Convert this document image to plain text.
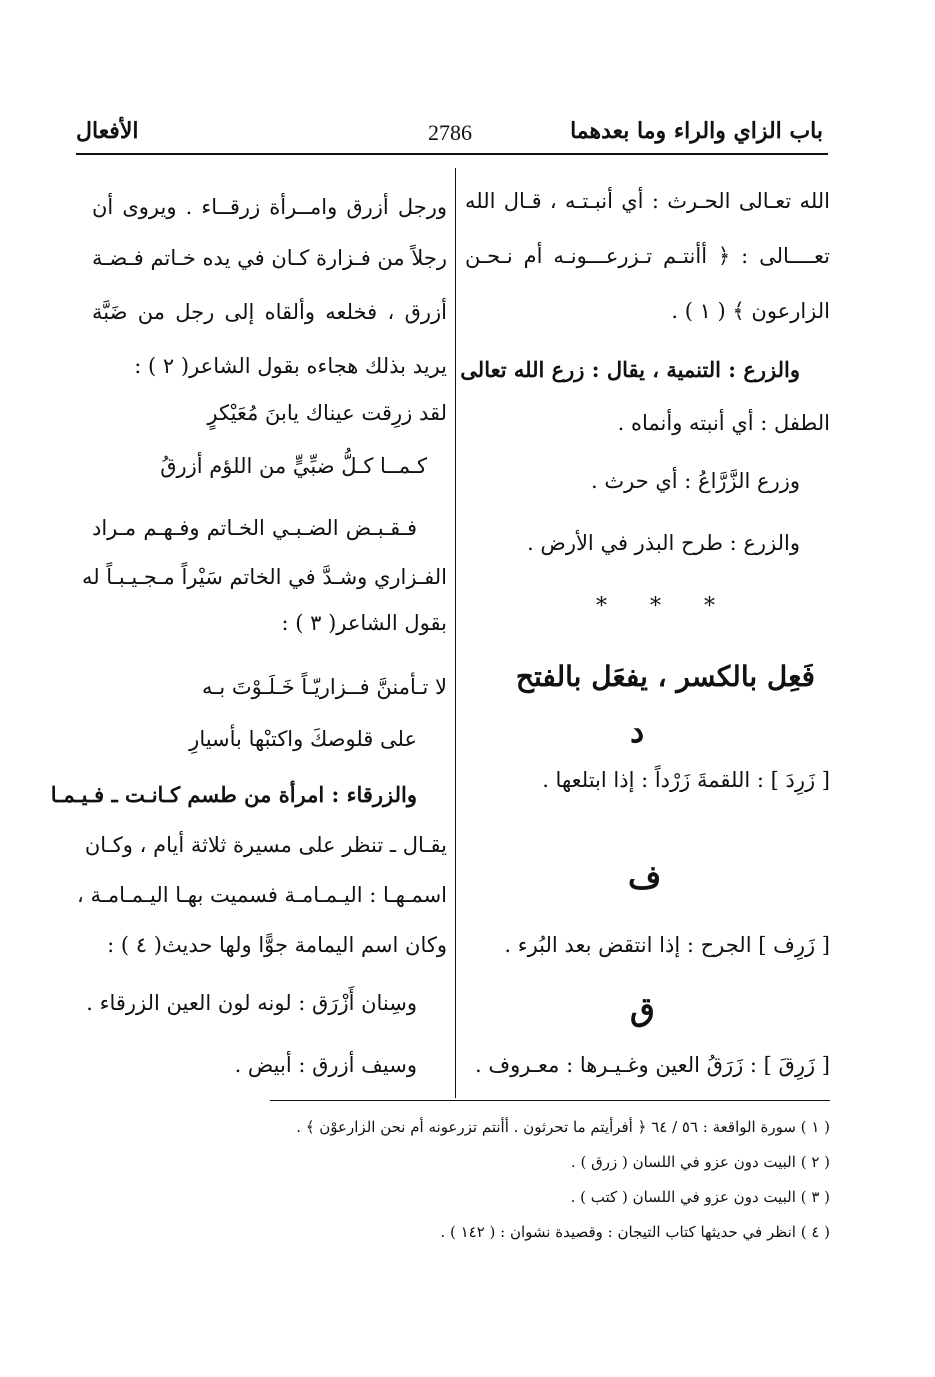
باب الزاي والراء وما بعدهما
2786
الأفعال
الله تعـالى الحـرث : أي أنبـتـه ، قـال الله
تعــــالى : ﴿ أأنتـم تـزرعـــونـه أم نـحـن
الزارعون ﴾ ( ١ ) .
والزرع : التنمية ، يقال : زرع الله تعالى
الطفل : أي أنبته وأنماه .
وزرع الزَّرَّاعُ : أي حرث .
والزرع : طرح البذر في الأرض .
[ زَرِدَ ] : اللقمةَ زَرْداً : إذا ابتلعها .
[ زَرِف ] الجرح : إذا انتقض بعد البُرء .
[ زَرِقَ ] : زَرَقُ العين وغـيـرها : معـروف .
* * *
فَعِل بالكسر ، يفعَل بالفتح
د
ف
ق
ورجل أزرق وامــرأة زرقــاء . ويروى أن
رجلاً من فـزارة كـان في يده خـاتم فـضـة
أزرق ، فخلعه وألقاه إلى رجل من ضَبَّة
يريد بذلك هجاءه بقول الشاعر( ٢ ) :
لقد زرِقت عيناك يابنَ مُعَيْكرٍ
كـمــا كـلُّ ضبِّيٍّ من اللؤم أزرقُ
فـقـبـض الضـبـي الخـاتم وفـهـم مـراد
الفـزاري وشـدَّ في الخاتم سَيْراً مـجـيـبـاً له
بقول الشاعر( ٣ ) :
لا تـأمننَّ فــزاريّـاً خَـلَـوْتَ بـه
على قلوصكَ واكتبْها بأسيارِ
والزرقاء : امرأة من طسم كـانـت ـ فـيـمـا
يقـال ـ تنظر على مسيرة ثلاثة أيام ، وكـان
اسمـهـا : اليـمـامـة فسميت بهـا اليـمـامـة ،
وكان اسم اليمامة جوًّا ولها حديث( ٤ ) :
وسِنان أَزْرَق : لونه لون العين الزرقاء .
وسيف أزرق : أبيض .
( ١ ) سورة الواقعة : ٥٦ / ٦٤ ﴿ أفرأيتم ما تحرثون . أأنتم تزرعونه أم نحن الزارعوْن ﴾ .
( ٢ ) البيت دون عزو في اللسان ( زرق ) .
( ٣ ) البيت دون عزو في اللسان ( كتب ) .
( ٤ ) انظر في حديثها كتاب التيجان : وقصيدة نشوان : ( ١٤٢ ) .
